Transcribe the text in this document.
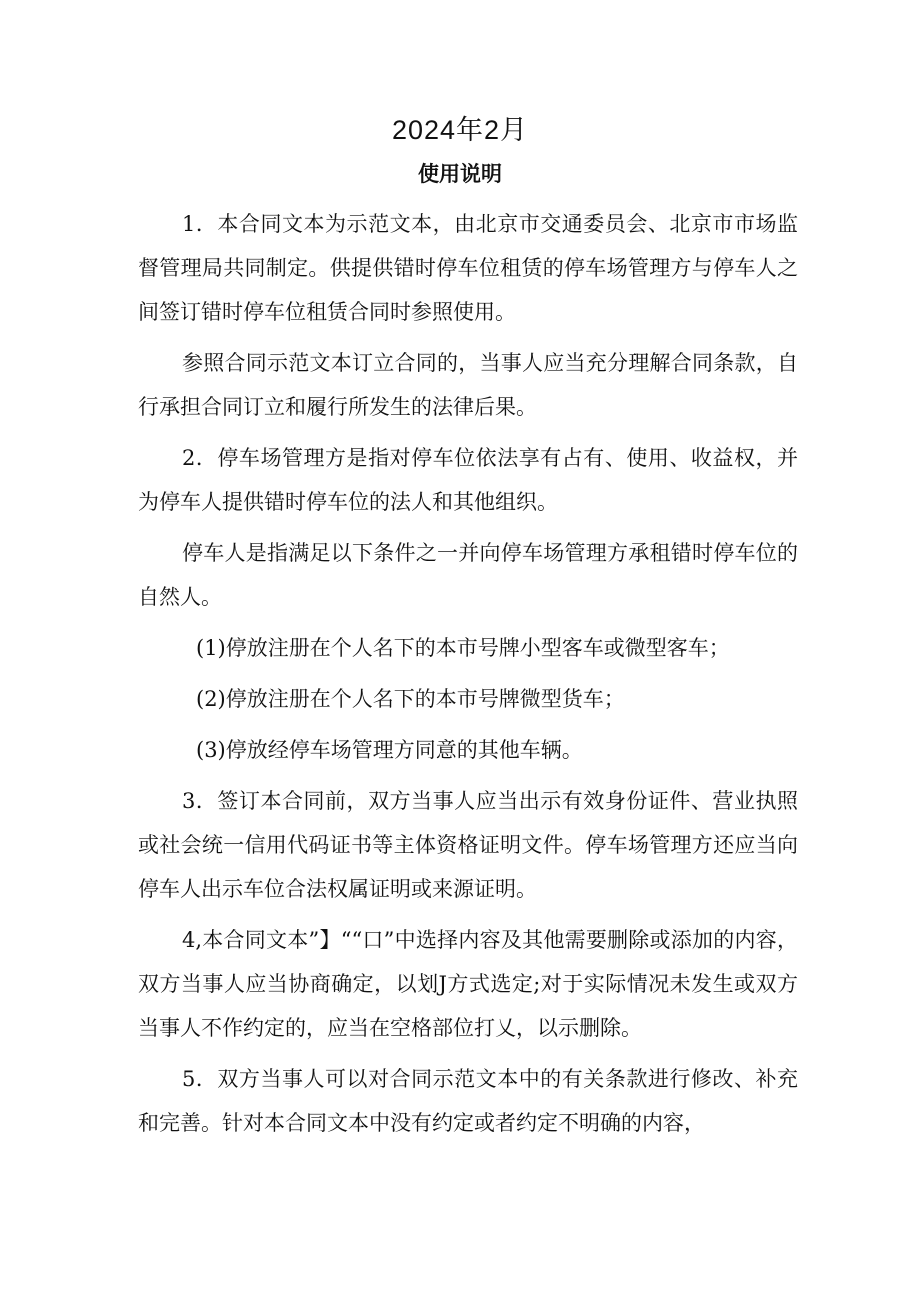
2024年2月
使用说明

1．本合同文本为示范文本，由北京市交通委员会、北京市市场监督管理局共同制定。供提供错时停车位租赁的停车场管理方与停车人之间签订错时停车位租赁合同时参照使用。

参照合同示范文本订立合同的，当事人应当充分理解合同条款，自行承担合同订立和履行所发生的法律后果。

2．停车场管理方是指对停车位依法享有占有、使用、收益权，并为停车人提供错时停车位的法人和其他组织。

停车人是指满足以下条件之一并向停车场管理方承租错时停车位的自然人。

(1)停放注册在个人名下的本市号牌小型客车或微型客车；

(2)停放注册在个人名下的本市号牌微型货车；

(3)停放经停车场管理方同意的其他车辆。

3．签订本合同前，双方当事人应当出示有效身份证件、营业执照或社会统一信用代码证书等主体资格证明文件。停车场管理方还应当向停车人出示车位合法权属证明或来源证明。

4,本合同文本”】““口”中选择内容及其他需要删除或添加的内容，双方当事人应当协商确定，以划J方式选定;对于实际情况未发生或双方当事人不作约定的，应当在空格部位打乂，以示删除。

5．双方当事人可以对合同示范文本中的有关条款进行修改、补充和完善。针对本合同文本中没有约定或者约定不明确的内容，
